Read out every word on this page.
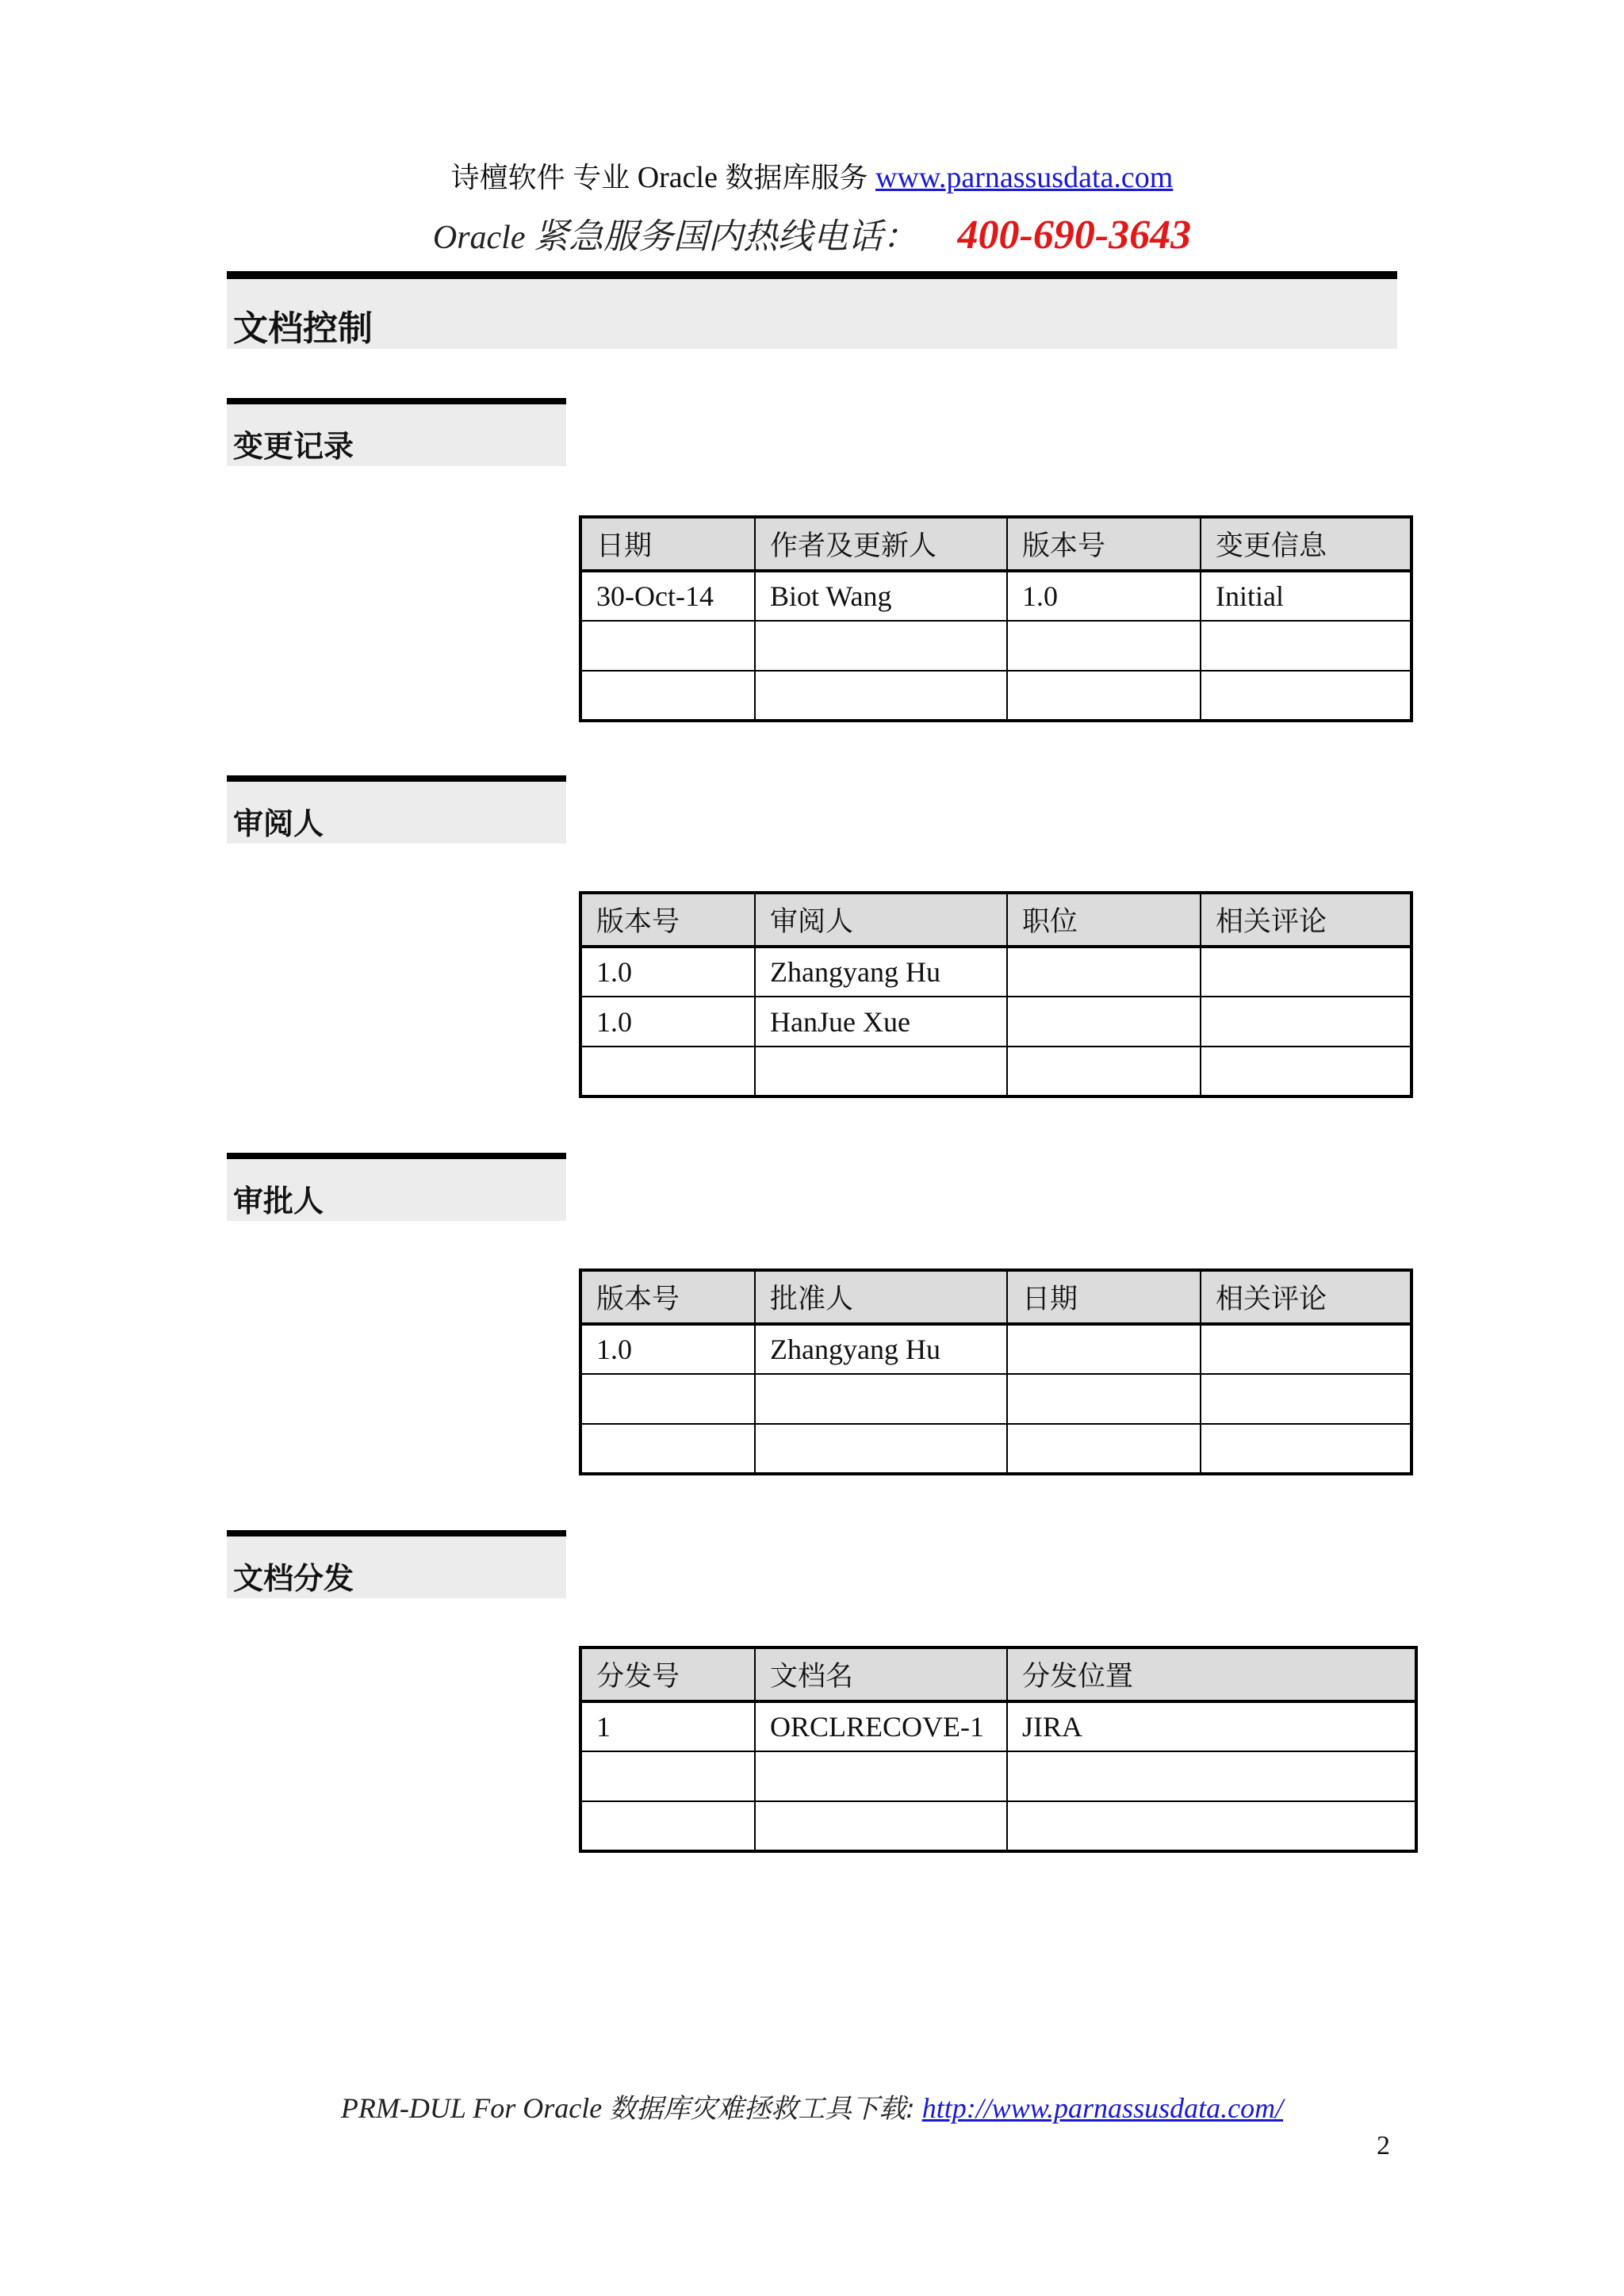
诗檀软件 专业 Oracle 数据库服务 www.parnassusdata.com
Oracle 紧急服务国内热线电话： 400-690-3643
文档控制
变更记录
日期	作者及更新人	版本号	变更信息
30-Oct-14	Biot Wang	1.0	Initial

审阅人
版本号	审阅人	职位	相关评论
1.0	Zhangyang Hu		
1.0	HanJue Xue		

审批人
版本号	批准人	日期	相关评论
1.0	Zhangyang Hu		

文档分发
分发号	文档名	分发位置
1	ORCLRECOVE-1	JIRA

PRM-DUL For Oracle 数据库灾难拯救工具下载: http://www.parnassusdata.com/
2
